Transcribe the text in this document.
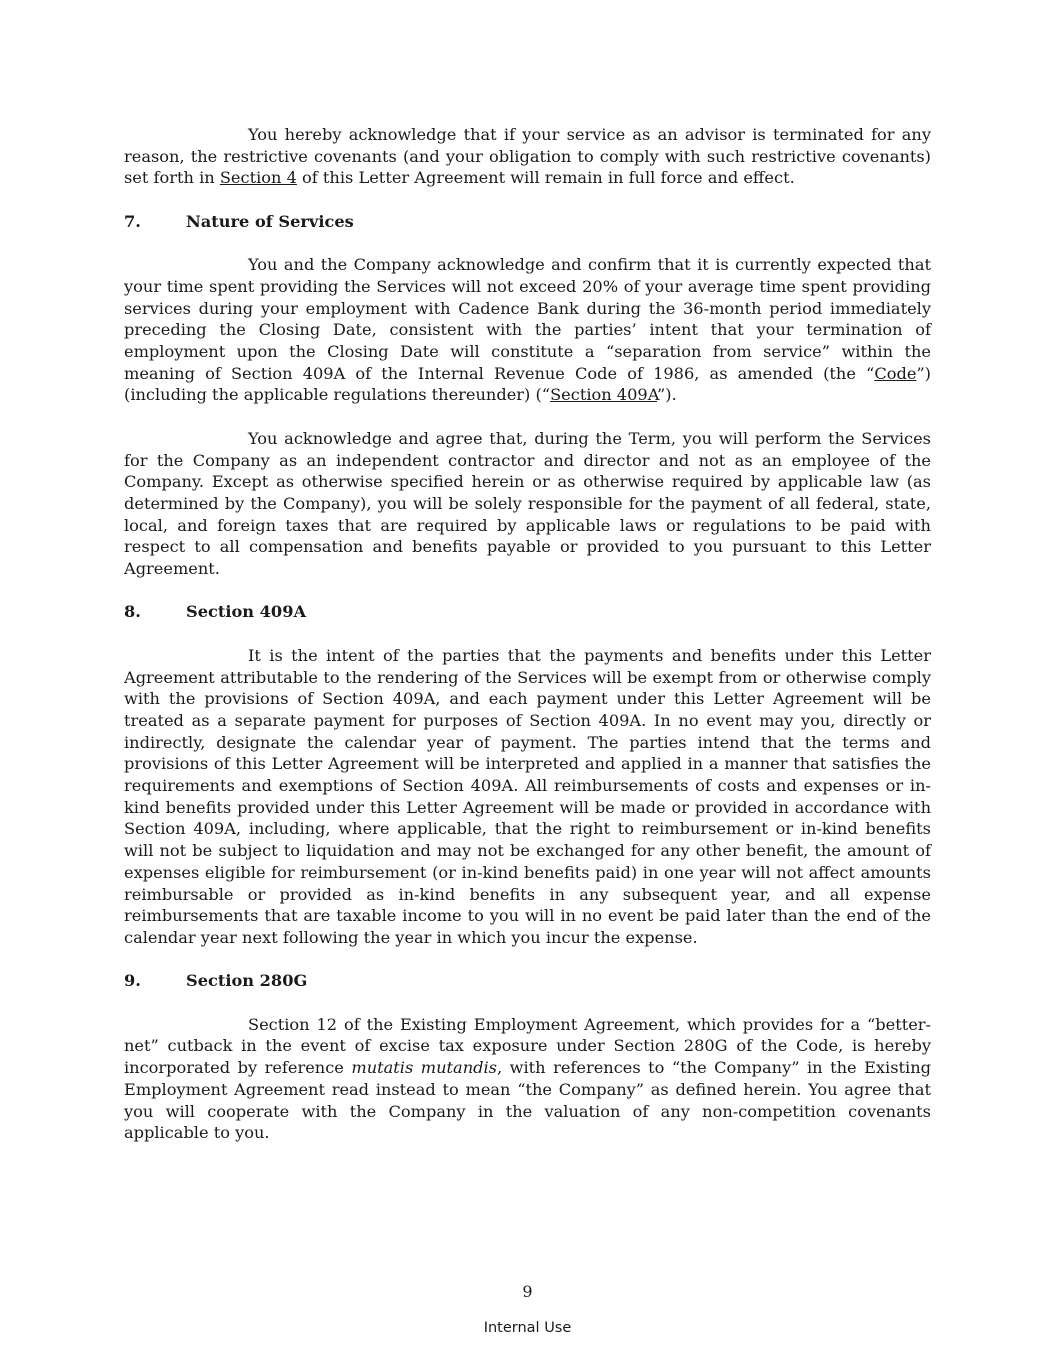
You hereby acknowledge that if your service as an advisor is terminated for any reason, the restrictive covenants (and your obligation to comply with such restrictive covenants) set forth in Section 4 of this Letter Agreement will remain in full force and effect.

7.	Nature of Services

You and the Company acknowledge and confirm that it is currently expected that your time spent providing the Services will not exceed 20% of your average time spent providing services during your employment with Cadence Bank during the 36-month period immediately preceding the Closing Date, consistent with the parties’ intent that your termination of employment upon the Closing Date will constitute a “separation from service” within the meaning of Section 409A of the Internal Revenue Code of 1986, as amended (the “Code”) (including the applicable regulations thereunder) (“Section 409A”).

You acknowledge and agree that, during the Term, you will perform the Services for the Company as an independent contractor and director and not as an employee of the Company. Except as otherwise specified herein or as otherwise required by applicable law (as determined by the Company), you will be solely responsible for the payment of all federal, state, local, and foreign taxes that are required by applicable laws or regulations to be paid with respect to all compensation and benefits payable or provided to you pursuant to this Letter Agreement.

8.	Section 409A

It is the intent of the parties that the payments and benefits under this Letter Agreement attributable to the rendering of the Services will be exempt from or otherwise comply with the provisions of Section 409A, and each payment under this Letter Agreement will be treated as a separate payment for purposes of Section 409A. In no event may you, directly or indirectly, designate the calendar year of payment. The parties intend that the terms and provisions of this Letter Agreement will be interpreted and applied in a manner that satisfies the requirements and exemptions of Section 409A. All reimbursements of costs and expenses or in-kind benefits provided under this Letter Agreement will be made or provided in accordance with Section 409A, including, where applicable, that the right to reimbursement or in-kind benefits will not be subject to liquidation and may not be exchanged for any other benefit, the amount of expenses eligible for reimbursement (or in-kind benefits paid) in one year will not affect amounts reimbursable or provided as in-kind benefits in any subsequent year, and all expense reimbursements that are taxable income to you will in no event be paid later than the end of the calendar year next following the year in which you incur the expense.

9.	Section 280G

Section 12 of the Existing Employment Agreement, which provides for a “better-net” cutback in the event of excise tax exposure under Section 280G of the Code, is hereby incorporated by reference mutatis mutandis, with references to “the Company” in the Existing Employment Agreement read instead to mean “the Company” as defined herein. You agree that you will cooperate with the Company in the valuation of any non-competition covenants applicable to you.

9
Internal Use
